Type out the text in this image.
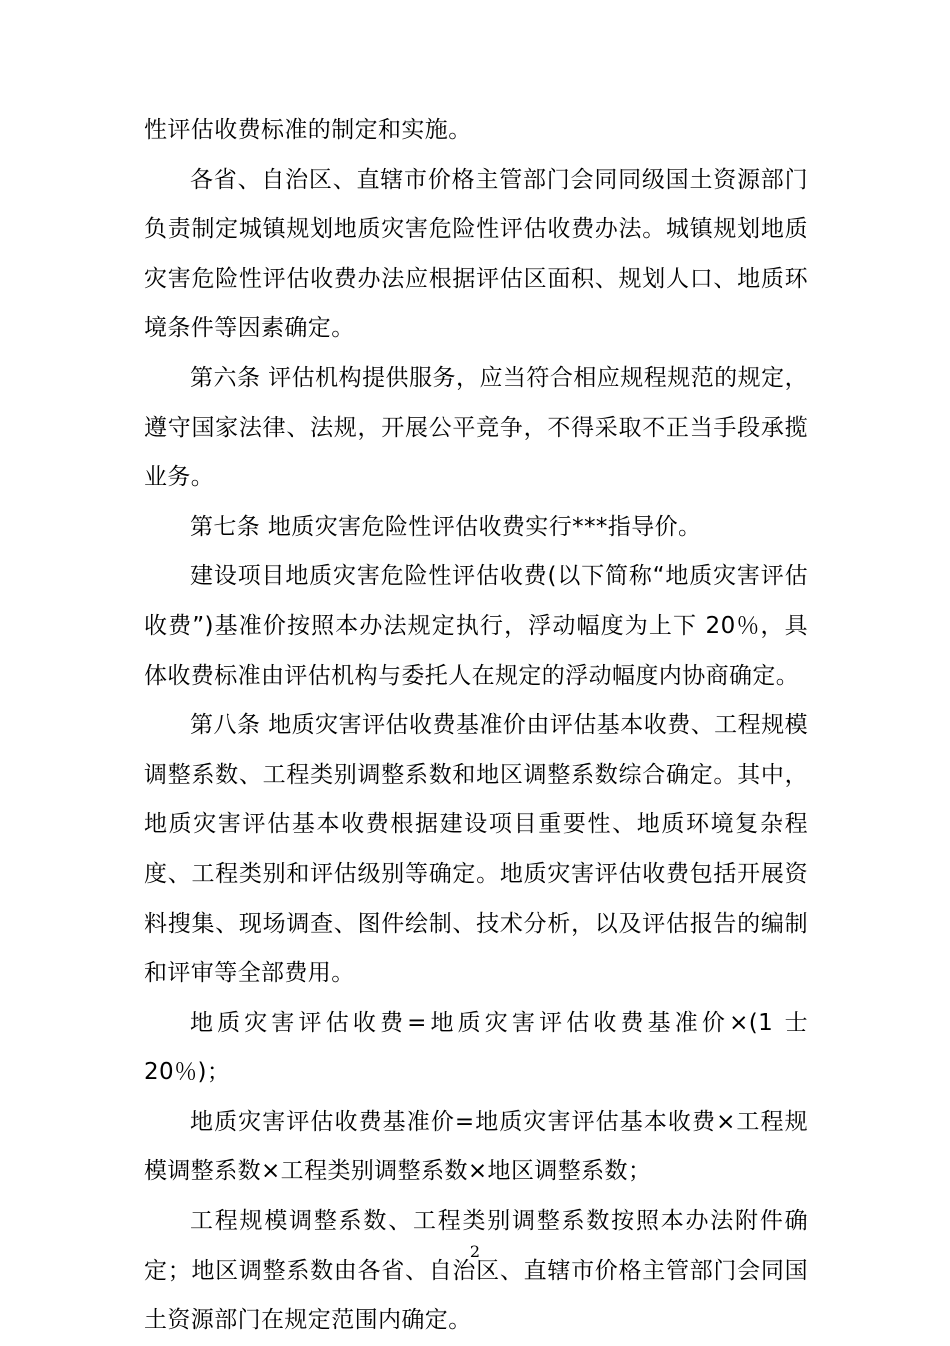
性评估收费标准的制定和实施。

各省、自治区、直辖市价格主管部门会同同级国土资源部门负责制定城镇规划地质灾害危险性评估收费办法。城镇规划地质灾害危险性评估收费办法应根据评估区面积、规划人口、地质环境条件等因素确定。

第六条 评估机构提供服务，应当符合相应规程规范的规定，遵守国家法律、法规，开展公平竞争，不得采取不正当手段承揽业务。

第七条 地质灾害危险性评估收费实行***指导价。

建设项目地质灾害危险性评估收费(以下简称“地质灾害评估收费”)基准价按照本办法规定执行，浮动幅度为上下 20％，具体收费标准由评估机构与委托人在规定的浮动幅度内协商确定。

第八条 地质灾害评估收费基准价由评估基本收费、工程规模调整系数、工程类别调整系数和地区调整系数综合确定。其中，地质灾害评估基本收费根据建设项目重要性、地质环境复杂程度、工程类别和评估级别等确定。地质灾害评估收费包括开展资料搜集、现场调查、图件绘制、技术分析，以及评估报告的编制和评审等全部费用。

地质灾害评估收费=地质灾害评估收费基准价×(1 士 20％)；

地质灾害评估收费基准价=地质灾害评估基本收费×工程规模调整系数×工程类别调整系数×地区调整系数；

工程规模调整系数、工程类别调整系数按照本办法附件确定；地区调整系数由各省、自治区、直辖市价格主管部门会同国土资源部门在规定范围内确定。

2
